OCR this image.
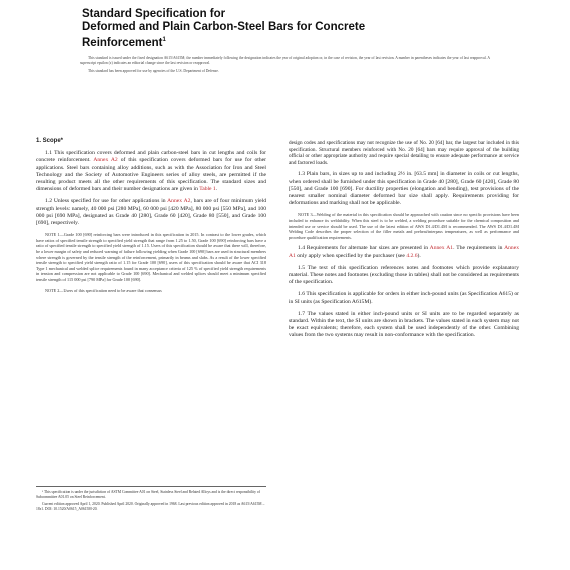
Standard Specification for
Deformed and Plain Carbon-Steel Bars for Concrete
Reinforcement$^1$

This standard is issued under the fixed designation A615/A615M; the number immediately following the designation indicates the year of original adoption or, in the case of revision, the year of last revision. A number in parentheses indicates the year of last reapproval. A superscript epsilon (ε) indicates an editorial change since the last revision or reapproval.

This standard has been approved for use by agencies of the U.S. Department of Defense.

1. Scope*

1.1 This specification covers deformed and plain carbon-steel bars in cut lengths and coils for concrete reinforcement. Annex A2 of this specification covers deformed bars for use for other applications. Steel bars containing alloy additions, such as with the Association for Iron and Steel Technology and the Society of Automotive Engineers series of alloy steels, are permitted if the resulting product meets all the other requirements of this specification. The standard sizes and dimensions of deformed bars and their number designations are given in Table 1.

1.2 Unless specified for use for other applications in Annex A2, bars are of four minimum yield strength levels: namely, 40 000 psi [280 MPa], 60 000 psi [420 MPa], 80 000 psi [550 MPa], and 100 000 psi [690 MPa], designated as Grade 40 [280], Grade 60 [420], Grade 80 [550], and Grade 100 [690], respectively.

NOTE 1—Grade 100 [690] reinforcing bars were introduced in this specification in 2015. In contrast to the lower grades, which have ratios of specified tensile strength to specified yield strength that range from 1.25 to 1.50, Grade 100 [690] reinforcing bars have a ratio of specified tensile strength to specified yield strength of 1.15. Users of this specification should be aware that there will, therefore, be a lower margin of safety and reduced warning of failure following yielding when Grade 100 [690] bars are used in structural members where strength is governed by the tensile strength of the reinforcement, primarily in beams and slabs. As a result of the lower specified tensile strength to specified yield strength ratio of 1.15 for Grade 100 [690], users of this specification should be aware that ACI 318 Type 1 mechanical and welded splice requirements found in many acceptance criteria of 125 % of specified yield strength requirements in tension and compression are not applicable to Grade 100 [690]. Mechanical and welded splices should meet a minimum specified tensile strength of 115 000 psi [790 MPa] for Grade 100 [690].

NOTE 2—Users of this specification need to be aware that consensus

design codes and specifications may not recognize the use of No. 20 [64] bar, the largest bar included in this specification. Structural members reinforced with No. 20 [64] bars may require approval of the building official or other appropriate authority and require special detailing to ensure adequate performance at service and factored loads.

1.3 Plain bars, in sizes up to and including 2½ in. [63.5 mm] in diameter in coils or cut lengths, when ordered shall be furnished under this specification in Grade 40 [280], Grade 60 [420], Grade 80 [550], and Grade 100 [690]. For ductility properties (elongation and bending), test provisions of the nearest smaller nominal diameter deformed bar size shall apply. Requirements providing for deformations and marking shall not be applicable.

NOTE 3—Welding of the material in this specification should be approached with caution since no specific provisions have been included to enhance its weldability. When this steel is to be welded, a welding procedure suitable for the chemical composition and intended use or service should be used. The use of the latest edition of AWS D1.4/D1.4M is recommended. The AWS D1.4/D1.4M Welding Code describes the proper selection of the filler metals and preheat/interpass temperatures, as well as performance and procedure qualification requirements.

1.4 Requirements for alternate bar sizes are presented in Annex A1. The requirements in Annex A1 only apply when specified by the purchaser (see 4.2.6).

1.5 The text of this specification references notes and footnotes which provide explanatory material. These notes and footnotes (excluding those in tables) shall not be considered as requirements of the specification.

1.6 This specification is applicable for orders in either inch-pound units (as Specification A615) or in SI units (as Specification A615M).

1.7 The values stated in either inch-pound units or SI units are to be regarded separately as standard. Within the text, the SI units are shown in brackets. The values stated in each system may not be exact equivalents; therefore, each system shall be used independently of the other. Combining values from the two systems may result in non-conformance with the specification.

¹ This specification is under the jurisdiction of ASTM Committee A01 on Steel, Stainless Steel and Related Alloys and is the direct responsibility of Subcommittee A01.05 on Steel Reinforcement.

Current edition approved April 1, 2020. Published April 2020. Originally approved in 1968. Last previous edition approved in 2018 as A615/A615M – 18ε1. DOI: 10.1520/A0615_A0615M-20.
